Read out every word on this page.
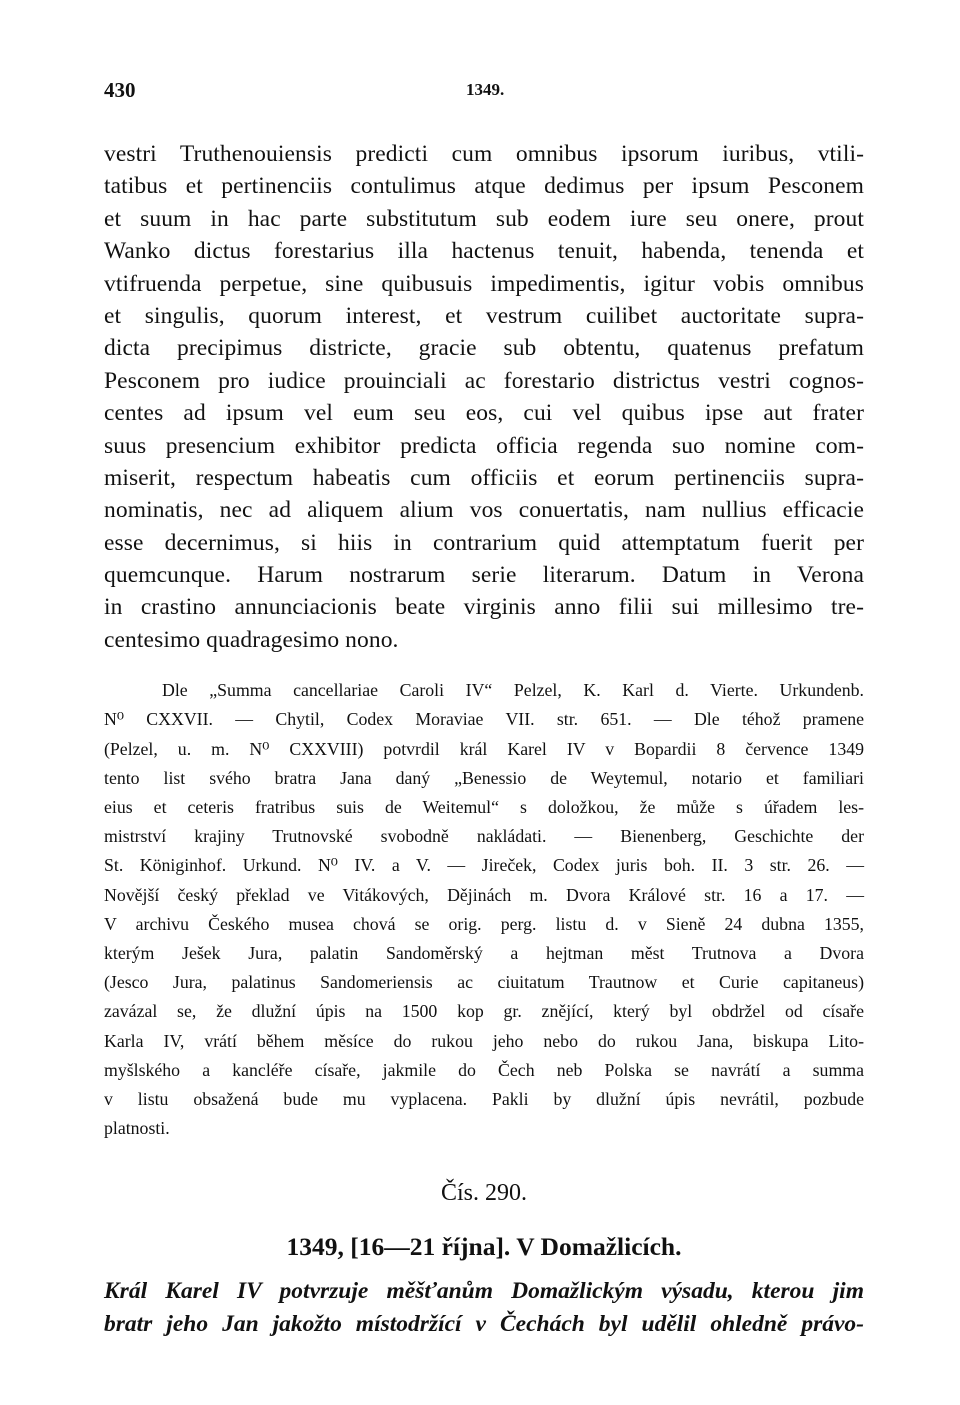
430	1349.
vestri Truthenouiensis predicti cum omnibus ipsorum iuribus, vtili-
tatibus et pertinenciis contulimus atque dedimus per ipsum Pesconem
et suum in hac parte substitutum sub eodem iure seu onere, prout
Wanko dictus forestarius illa hactenus tenuit, habenda, tenenda et
vtifruenda perpetue, sine quibusuis impedimentis, igitur vobis omnibus
et singulis, quorum interest, et vestrum cuilibet auctoritate supra-
dicta precipimus districte, gracie sub obtentu, quatenus prefatum
Pesconem pro iudice prouinciali ac forestario districtus vestri cognos-
centes ad ipsum vel eum seu eos, cui vel quibus ipse aut frater
suus presencium exhibitor predicta officia regenda suo nomine com-
miserit, respectum habeatis cum officiis et eorum pertinenciis supra-
nominatis, nec ad aliquem alium vos conuertatis, nam nullius efficacie
esse decernimus, si hiis in contrarium quid attemptatum fuerit per
quemcunque. Harum nostrarum serie literarum. Datum in Verona
in crastino annunciacionis beate virginis anno filii sui millesimo tre-
centesimo quadragesimo nono.
Dle „Summa cancellariae Caroli IV“ Pelzel, K. Karl d. Vierte. Urkundenb.
N⁰ CXXVII. — Chytil, Codex Moraviae VII. str. 651. — Dle téhož pramene
(Pelzel, u. m. N⁰ CXXVIII) potvrdil král Karel IV v Bopardii 8 července 1349
tento list svého bratra Jana daný „Benessio de Weytemul, notario et familiari
eius et ceteris fratribus suis de Weitemul“ s doložkou, že může s úřadem les-
mistrství krajiny Trutnovské svobodně nakládati. — Bienenberg, Geschichte der
St. Königinhof. Urkund. N⁰ IV. a V. — Jireček, Codex juris boh. II. 3 str. 26. —
Novější český překlad ve Vitákových, Dějinách m. Dvora Králové str. 16 a 17. —
V archivu Českého musea chová se orig. perg. listu d. v Sieně 24 dubna 1355,
kterým Ješek Jura, palatin Sandoměrský a hejtman měst Trutnova a Dvora
(Jesco Jura, palatinus Sandomeriensis ac ciuitatum Trautnow et Curie capitaneus)
zavázal se, že dlužní úpis na 1500 kop gr. znějící, který byl obdržel od císaře
Karla IV, vrátí během měsíce do rukou jeho nebo do rukou Jana, biskupa Lito-
myšlského a kancléře císaře, jakmile do Čech neb Polska se navrátí a summa
v listu obsažená bude mu vyplacena. Pakli by dlužní úpis nevrátil, pozbude
platnosti.
Čís. 290.
1349, [16—21 října]. V Domažlicích.
Král Karel IV potvrzuje měšťanům Domažlickým výsadu, kterou jim
bratr jeho Jan jakožto místodržící v Čechách byl udělil ohledně právo-
